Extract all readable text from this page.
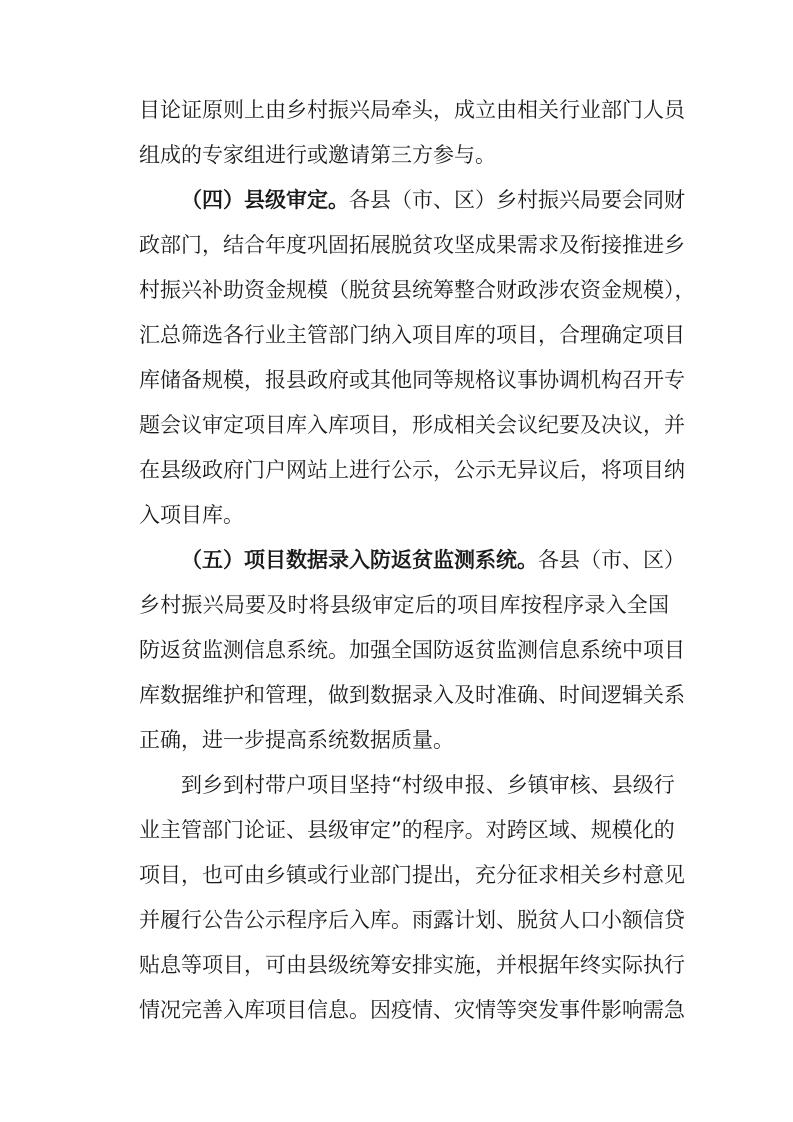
目论证原则上由乡村振兴局牵头，成立由相关行业部门人员
组成的专家组进行或邀请第三方参与。
（四）县级审定。各县（市、区）乡村振兴局要会同财
政部门，结合年度巩固拓展脱贫攻坚成果需求及衔接推进乡
村振兴补助资金规模（脱贫县统筹整合财政涉农资金规模），
汇总筛选各行业主管部门纳入项目库的项目，合理确定项目
库储备规模，报县政府或其他同等规格议事协调机构召开专
题会议审定项目库入库项目，形成相关会议纪要及决议，并
在县级政府门户网站上进行公示，公示无异议后，将项目纳
入项目库。
（五）项目数据录入防返贫监测系统。各县（市、区）
乡村振兴局要及时将县级审定后的项目库按程序录入全国
防返贫监测信息系统。加强全国防返贫监测信息系统中项目
库数据维护和管理，做到数据录入及时准确、时间逻辑关系
正确，进一步提高系统数据质量。
到乡到村带户项目坚持“村级申报、乡镇审核、县级行
业主管部门论证、县级审定”的程序。对跨区域、规模化的
项目，也可由乡镇或行业部门提出，充分征求相关乡村意见
并履行公告公示程序后入库。雨露计划、脱贫人口小额信贷
贴息等项目，可由县级统筹安排实施，并根据年终实际执行
情况完善入库项目信息。因疫情、灾情等突发事件影响需急
